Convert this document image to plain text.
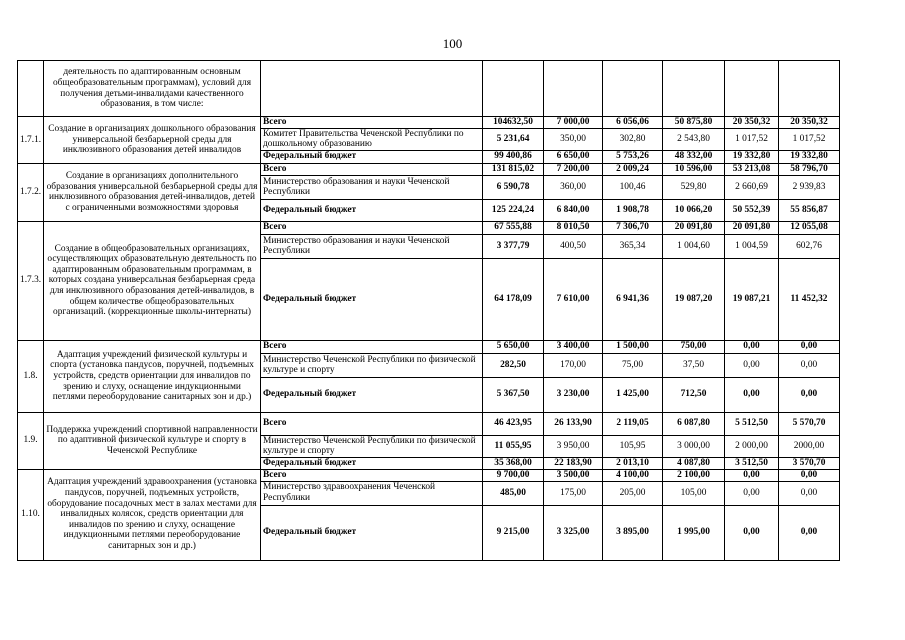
100
	деятельность по адаптированным основным общеобразовательным программам), условий для получения детьми-инвалидами качественного образования, в том числе:							
1.7.1.	Создание в организациях дошкольного образования универсальной безбарьерной среды для инклюзивного образования детей инвалидов	Всего	104632,50	7 000,00	6 056,06	50 875,80	20 350,32	20 350,32
		Комитет Правительства Чеченской Республики по дошкольному образованию	5 231,64	350,00	302,80	2 543,80	1 017,52	1 017,52
		Федеральный бюджет	99 400,86	6 650,00	5 753,26	48 332,00	19 332,80	19 332,80
1.7.2.	Создание в организациях дополнительного образования универсальной безбарьерной среды для инклюзивного образования детей-инвалидов, детей с ограниченными возможностями здоровья	Всего	131 815,02	7 200,00	2 009,24	10 596,00	53 213,08	58 796,70
		Министерство образования и науки Чеченской Республики	6 590,78	360,00	100,46	529,80	2 660,69	2 939,83
		Федеральный бюджет	125 224,24	6 840,00	1 908,78	10 066,20	50 552,39	55 856,87
1.7.3.	Создание в общеобразовательных организациях, осуществляющих образовательную деятельность по адаптированным образовательным программам, в которых создана универсальная безбарьерная среда для инклюзивного образования детей-инвалидов, в общем количестве общеобразовательных организаций. (коррекционные школы-интернаты)	Всего	67 555,88	8 010,50	7 306,70	20 091,80	20 091,80	12 055,08
		Министерство образования и науки Чеченской Республики	3 377,79	400,50	365,34	1 004,60	1 004,59	602,76
		Федеральный бюджет	64 178,09	7 610,00	6 941,36	19 087,20	19 087,21	11 452,32
1.8.	Адаптация учреждений физической культуры и спорта (установка пандусов, поручней, подъемных устройств, средств ориентации для инвалидов по зрению и слуху, оснащение индукционными петлями переоборудование санитарных зон и др.)	Всего	5 650,00	3 400,00	1 500,00	750,00	0,00	0,00
		Министерство Чеченской Республики по физической культуре и спорту	282,50	170,00	75,00	37,50	0,00	0,00
		Федеральный бюджет	5 367,50	3 230,00	1 425,00	712,50	0,00	0,00
1.9.	Поддержка учреждений спортивной направленности по адаптивной физической культуре и спорту в Чеченской Республике	Всего	46 423,95	26 133,90	2 119,05	6 087,80	5 512,50	5 570,70
		Министерство Чеченской Республики по физической культуре и спорту	11 055,95	3 950,00	105,95	3 000,00	2 000,00	2000,00
		Федеральный бюджет	35 368,00	22 183,90	2 013,10	4 087,80	3 512,50	3 570,70
1.10.	Адаптация учреждений здравоохранения (установка пандусов, поручней, подъемных устройств, оборудование посадочных мест в залах местами для инвалидных колясок, средств ориентации для инвалидов по зрению и слуху, оснащение индукционными петлями переоборудование санитарных зон и др.)	Всего	9 700,00	3 500,00	4 100,00	2 100,00	0,00	0,00
		Министерство здравоохранения Чеченской Республики	485,00	175,00	205,00	105,00	0,00	0,00
		Федеральный бюджет	9 215,00	3 325,00	3 895,00	1 995,00	0,00	0,00
